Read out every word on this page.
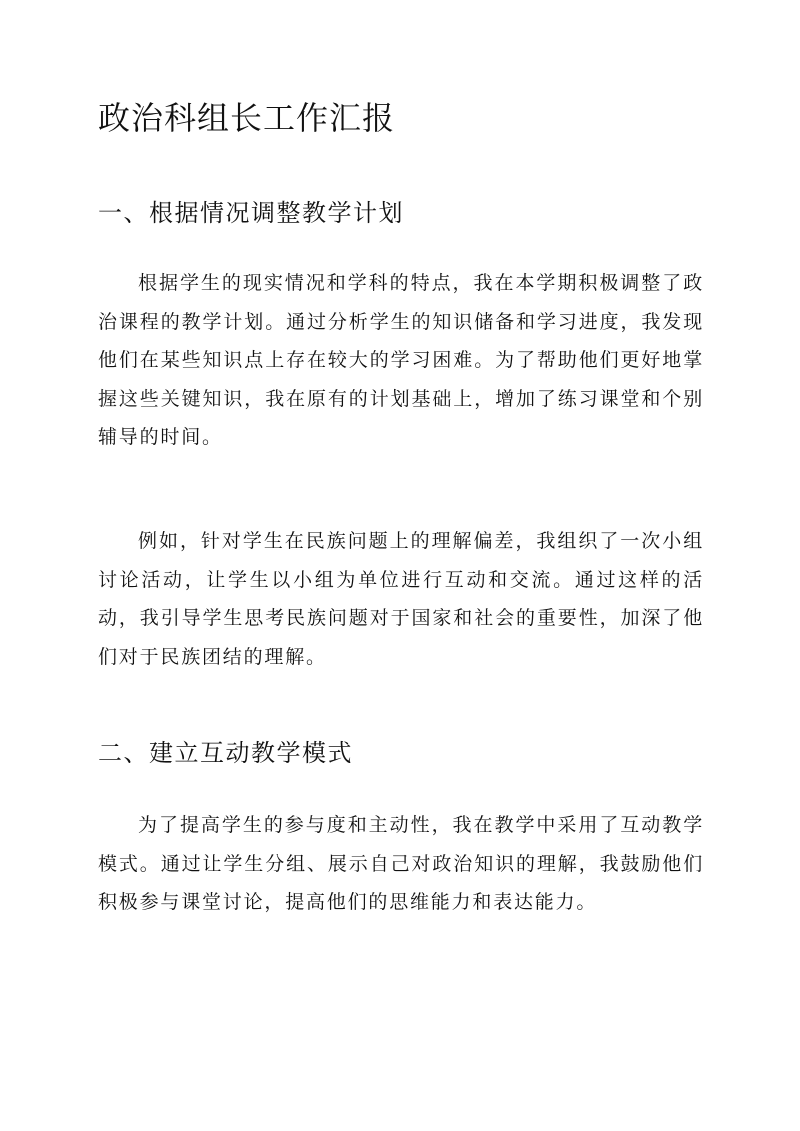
政治科组长工作汇报
一、根据情况调整教学计划

根据学生的现实情况和学科的特点，我在本学期积极调整了政治课程的教学计划。通过分析学生的知识储备和学习进度，我发现他们在某些知识点上存在较大的学习困难。为了帮助他们更好地掌握这些关键知识，我在原有的计划基础上，增加了练习课堂和个别辅导的时间。

例如，针对学生在民族问题上的理解偏差，我组织了一次小组讨论活动，让学生以小组为单位进行互动和交流。通过这样的活动，我引导学生思考民族问题对于国家和社会的重要性，加深了他们对于民族团结的理解。

二、建立互动教学模式

为了提高学生的参与度和主动性，我在教学中采用了互动教学模式。通过让学生分组、展示自己对政治知识的理解，我鼓励他们积极参与课堂讨论，提高他们的思维能力和表达能力。
